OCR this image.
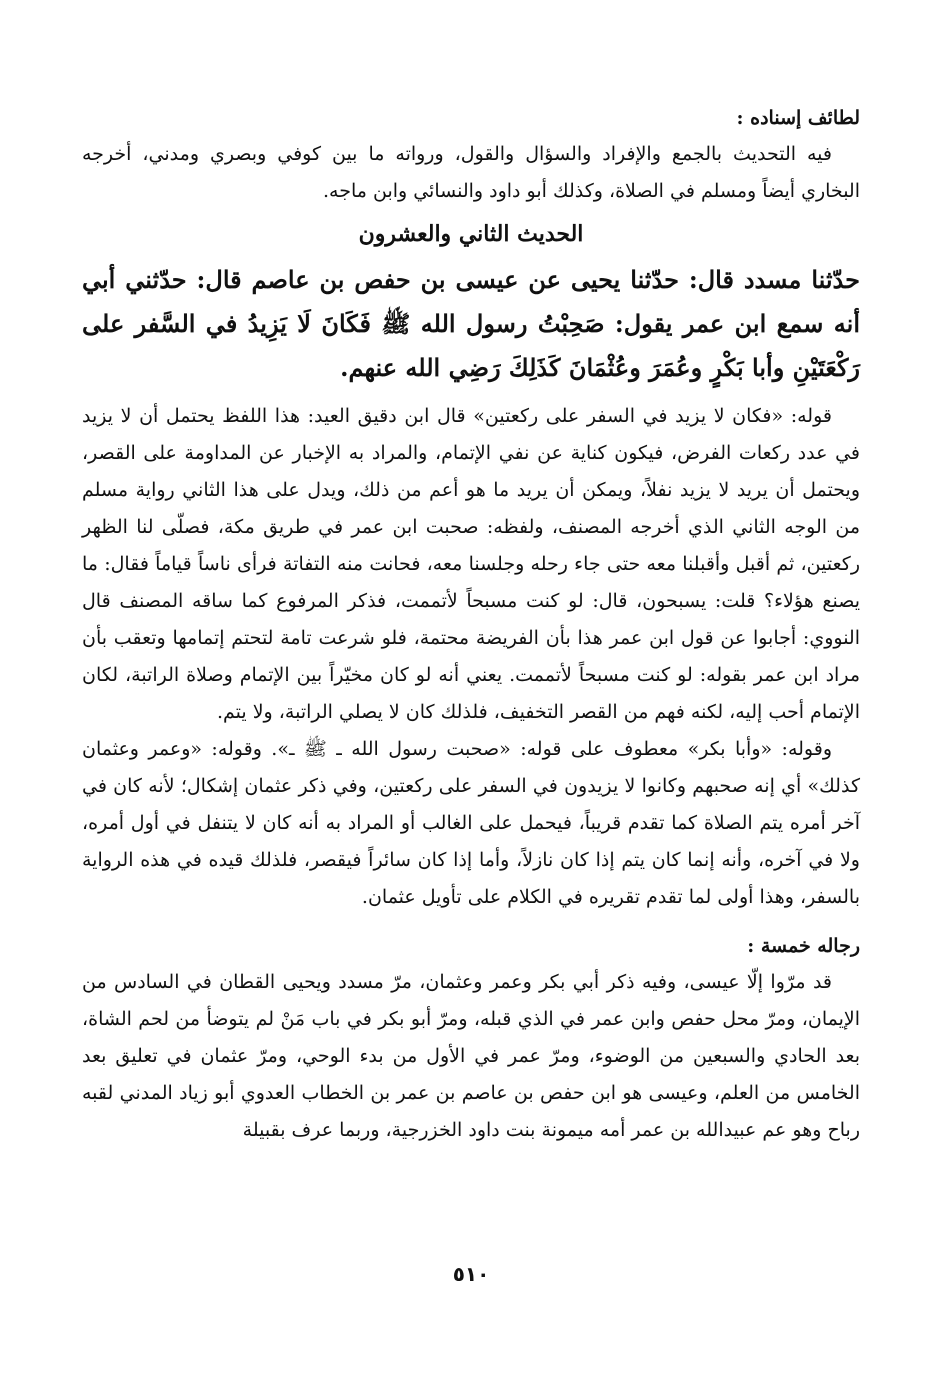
لطائف إسناده :

فيه التحديث بالجمع والإفراد والسؤال والقول، ورواته ما بين كوفي وبصري ومدني، أخرجه البخاري أيضاً ومسلم في الصلاة، وكذلك أبو داود والنسائي وابن ماجه.

الحديث الثاني والعشرون

حدّثنا مسدد قال: حدّثنا يحيى عن عيسى بن حفص بن عاصم قال: حدّثني أبي أنه سمع ابن عمر يقول: صَحِبْتُ رسول الله ﷺ فَكَانَ لَا يَزِيدُ في السَّفر على رَكْعَتَيْنِ وأبا بَكْرٍ وعُمَرَ وعُثْمَانَ كَذَلِكَ رَضِي الله عنهم.

قوله: «فكان لا يزيد في السفر على ركعتين» قال ابن دقيق العيد: هذا اللفظ يحتمل أن لا يزيد في عدد ركعات الفرض، فيكون كناية عن نفي الإتمام، والمراد به الإخبار عن المداومة على القصر، ويحتمل أن يريد لا يزيد نفلاً، ويمكن أن يريد ما هو أعم من ذلك، ويدل على هذا الثاني رواية مسلم من الوجه الثاني الذي أخرجه المصنف، ولفظه: صحبت ابن عمر في طريق مكة، فصلّى لنا الظهر ركعتين، ثم أقبل وأقبلنا معه حتى جاء رحله وجلسنا معه، فحانت منه التفاتة فرأى ناساً قياماً فقال: ما يصنع هؤلاء؟ قلت: يسبحون، قال: لو كنت مسبحاً لأتممت، فذكر المرفوع كما ساقه المصنف قال النووي: أجابوا عن قول ابن عمر هذا بأن الفريضة محتمة، فلو شرعت تامة لتحتم إتمامها وتعقب بأن مراد ابن عمر بقوله: لو كنت مسبحاً لأتممت. يعني أنه لو كان مخيّراً بين الإتمام وصلاة الراتبة، لكان الإتمام أحب إليه، لكنه فهم من القصر التخفيف، فلذلك كان لا يصلي الراتبة، ولا يتم.

وقوله: «وأبا بكر» معطوف على قوله: «صحبت رسول الله ـ ﷺ ـ». وقوله: «وعمر وعثمان كذلك» أي إنه صحبهم وكانوا لا يزيدون في السفر على ركعتين، وفي ذكر عثمان إشكال؛ لأنه كان في آخر أمره يتم الصلاة كما تقدم قريباً، فيحمل على الغالب أو المراد به أنه كان لا يتنفل في أول أمره، ولا في آخره، وأنه إنما كان يتم إذا كان نازلاً، وأما إذا كان سائراً فيقصر، فلذلك قيده في هذه الرواية بالسفر، وهذا أولى لما تقدم تقريره في الكلام على تأويل عثمان.

رجاله خمسة :

قد مرّوا إلّا عيسى، وفيه ذكر أبي بكر وعمر وعثمان، مرّ مسدد ويحيى القطان في السادس من الإيمان، ومرّ محل حفص وابن عمر في الذي قبله، ومرّ أبو بكر في باب مَنْ لم يتوضأ من لحم الشاة، بعد الحادي والسبعين من الوضوء، ومرّ عمر في الأول من بدء الوحي، ومرّ عثمان في تعليق بعد الخامس من العلم، وعيسى هو ابن حفص بن عاصم بن عمر بن الخطاب العدوي أبو زياد المدني لقبه رباح وهو عم عبيدالله بن عمر أمه ميمونة بنت داود الخزرجية، وربما عرف بقبيلة

٥١٠
